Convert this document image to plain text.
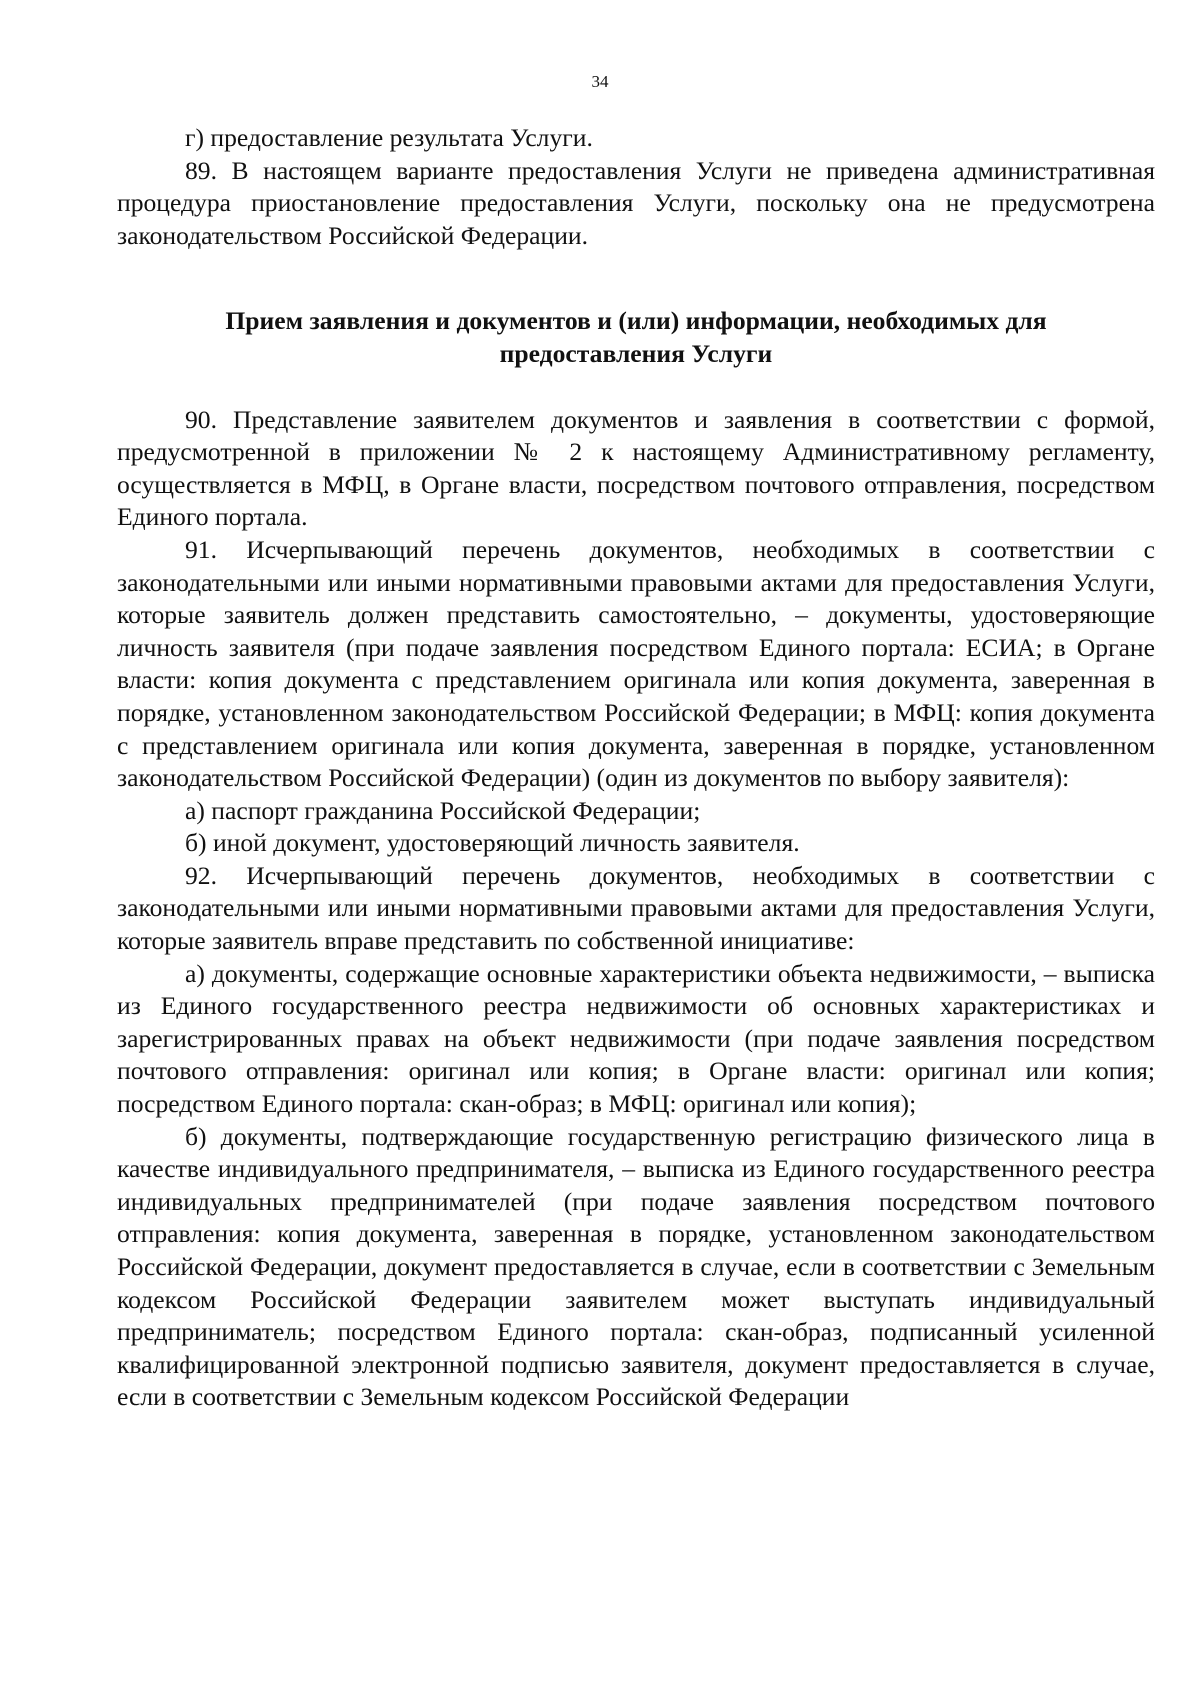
34

г) предоставление результата Услуги.

89. В настоящем варианте предоставления Услуги не приведена административная процедура приостановление предоставления Услуги, поскольку она не предусмотрена законодательством Российской Федерации.

Прием заявления и документов и (или) информации, необходимых для
предоставления Услуги

90. Представление заявителем документов и заявления в соответствии с формой, предусмотренной в приложении № 2 к настоящему Административному регламенту, осуществляется в МФЦ, в Органе власти, посредством почтового отправления, посредством Единого портала.

91. Исчерпывающий перечень документов, необходимых в соответствии с законодательными или иными нормативными правовыми актами для предоставления Услуги, которые заявитель должен представить самостоятельно, – документы, удостоверяющие личность заявителя (при подаче заявления посредством Единого портала: ЕСИА; в Органе власти: копия документа с представлением оригинала или копия документа, заверенная в порядке, установленном законодательством Российской Федерации; в МФЦ: копия документа с представлением оригинала или копия документа, заверенная в порядке, установленном законодательством Российской Федерации) (один из документов по выбору заявителя):

а) паспорт гражданина Российской Федерации;

б) иной документ, удостоверяющий личность заявителя.

92. Исчерпывающий перечень документов, необходимых в соответствии с законодательными или иными нормативными правовыми актами для предоставления Услуги, которые заявитель вправе представить по собственной инициативе:

а) документы, содержащие основные характеристики объекта недвижимости, – выписка из Единого государственного реестра недвижимости об основных характеристиках и зарегистрированных правах на объект недвижимости (при подаче заявления посредством почтового отправления: оригинал или копия; в Органе власти: оригинал или копия; посредством Единого портала: скан-образ; в МФЦ: оригинал или копия);

б) документы, подтверждающие государственную регистрацию физического лица в качестве индивидуального предпринимателя, – выписка из Единого государственного реестра индивидуальных предпринимателей (при подаче заявления посредством почтового отправления: копия документа, заверенная в порядке, установленном законодательством Российской Федерации, документ предоставляется в случае, если в соответствии с Земельным кодексом Российской Федерации заявителем может выступать индивидуальный предприниматель; посредством Единого портала: скан-образ, подписанный усиленной квалифицированной электронной подписью заявителя, документ предоставляется в случае, если в соответствии с Земельным кодексом Российской Федерации
